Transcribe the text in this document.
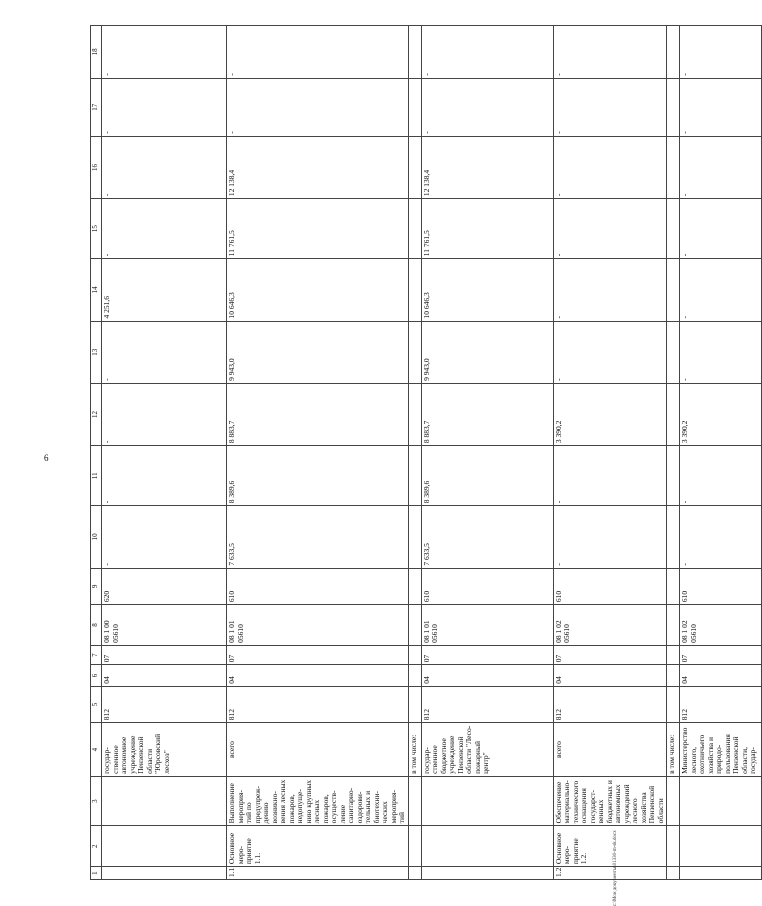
6
1	2	3	4	5	6	7	8	9	10	11	12	13	14	15	16	17	18
			государ-ственное автономное учреждение Пензенской области "Юрсовский лесхоз"	812	04	07	08 1 00 05610	620	-	-	-	-	4 251,6	-	-	-	-
1.1	Основное меро-приятие 1.1.	Выполнение мероприя-тий по предупреж-дению возникно-вения лесных пожаров, недопуще-нию крупных лесных пожаров, осуществ-ление санитарно-оздорови-тельных и биотехни-ческих мероприя-тий	всего	812	04	07	08 1 01 05610	610	7 633,5	8 389,6	8 883,7	9 943,0	10 646,3	11 761,5	12 138,4	-	-
			в том числе:														
			государ-ственное бюджетное учреждение Пензенской области "Лесо-пожарный центр"	812	04	07	08 1 01 05610	610	7 633,5	8 389,6	8 883,7	9 943,0	10 646,3	11 761,5	12 138,4	-	-
1.2	Основное меро-приятие 1.2.	Обеспечение материально-технического оснащения государст-венных бюджетных и автономных учреждений лесного хозяйства Пензенской области	всего	812	04	07	08 1 02 05610	610	-	-	3 390,2	-	-	-	-	-	-
			в том числе:														
			Министерство лесного, охотничьего хозяйства и природо-пользования Пензенской области, государ-	812	04	07	08 1 02 05610	610	-	-	3 390,2	-	-	-	-	-	-
c:\Мои документы\01330-m-sk.docx
